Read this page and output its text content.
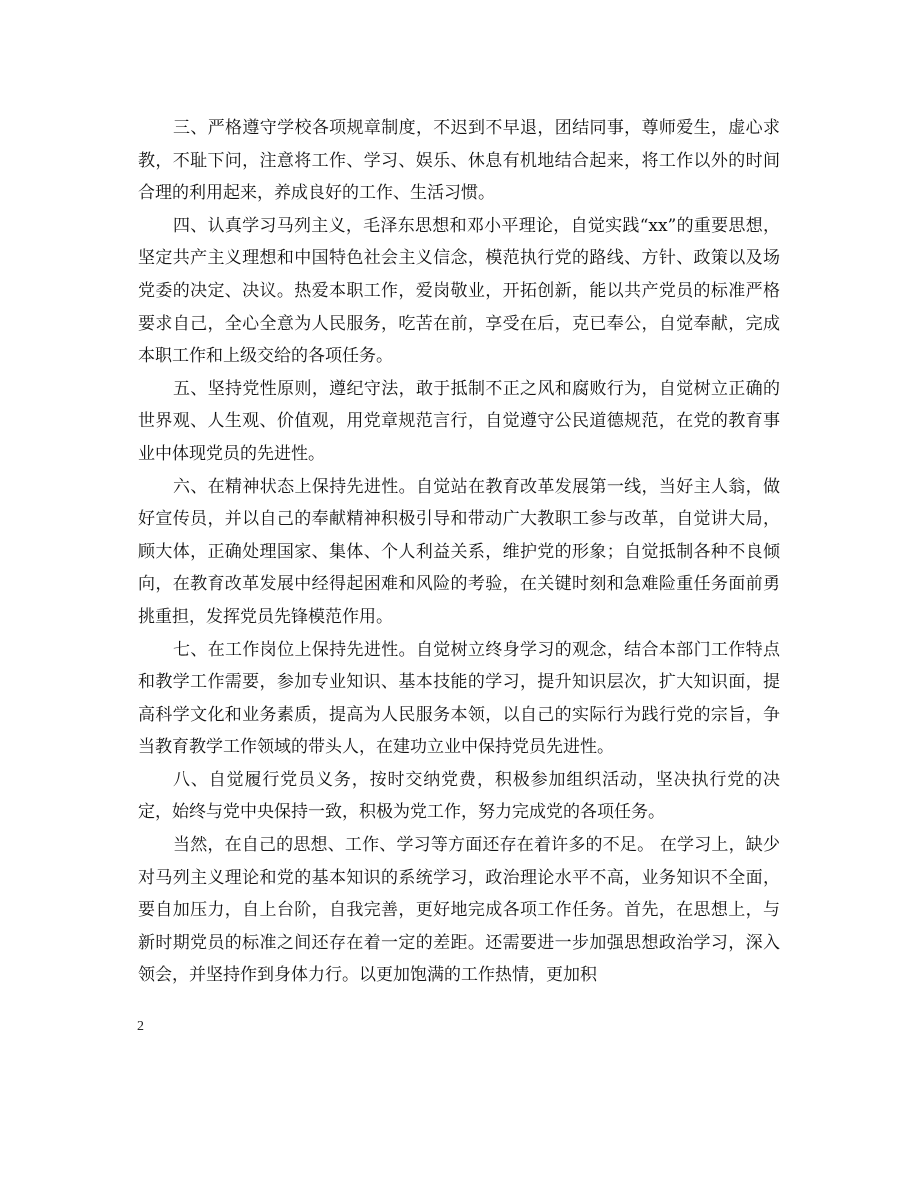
三、严格遵守学校各项规章制度，不迟到不早退，团结同事，尊师爱生，虚心求教，不耻下问，注意将工作、学习、娱乐、休息有机地结合起来，将工作以外的时间合理的利用起来，养成良好的工作、生活习惯。

四、认真学习马列主义，毛泽东思想和邓小平理论，自觉实践“xx”的重要思想，坚定共产主义理想和中国特色社会主义信念，模范执行党的路线、方针、政策以及场党委的决定、决议。热爱本职工作，爱岗敬业，开拓创新，能以共产党员的标准严格要求自己，全心全意为人民服务，吃苦在前，享受在后，克已奉公，自觉奉献，完成本职工作和上级交给的各项任务。

五、坚持党性原则，遵纪守法，敢于抵制不正之风和腐败行为，自觉树立正确的世界观、人生观、价值观，用党章规范言行，自觉遵守公民道德规范，在党的教育事业中体现党员的先进性。

六、在精神状态上保持先进性。自觉站在教育改革发展第一线，当好主人翁，做好宣传员，并以自己的奉献精神积极引导和带动广大教职工参与改革，自觉讲大局，顾大体，正确处理国家、集体、个人利益关系，维护党的形象；自觉抵制各种不良倾向，在教育改革发展中经得起困难和风险的考验，在关键时刻和急难险重任务面前勇挑重担，发挥党员先锋模范作用。

七、在工作岗位上保持先进性。自觉树立终身学习的观念，结合本部门工作特点和教学工作需要，参加专业知识、基本技能的学习，提升知识层次，扩大知识面，提高科学文化和业务素质，提高为人民服务本领，以自己的实际行为践行党的宗旨，争当教育教学工作领域的带头人，在建功立业中保持党员先进性。

八、自觉履行党员义务，按时交纳党费，积极参加组织活动，坚决执行党的决定，始终与党中央保持一致，积极为党工作，努力完成党的各项任务。

当然，在自己的思想、工作、学习等方面还存在着许多的不足。 在学习上，缺少对马列主义理论和党的基本知识的系统学习，政治理论水平不高，业务知识不全面，要自加压力，自上台阶，自我完善，更好地完成各项工作任务。首先，在思想上，与新时期党员的标准之间还存在着一定的差距。还需要进一步加强思想政治学习，深入领会，并坚持作到身体力行。以更加饱满的工作热情，更加积

2
